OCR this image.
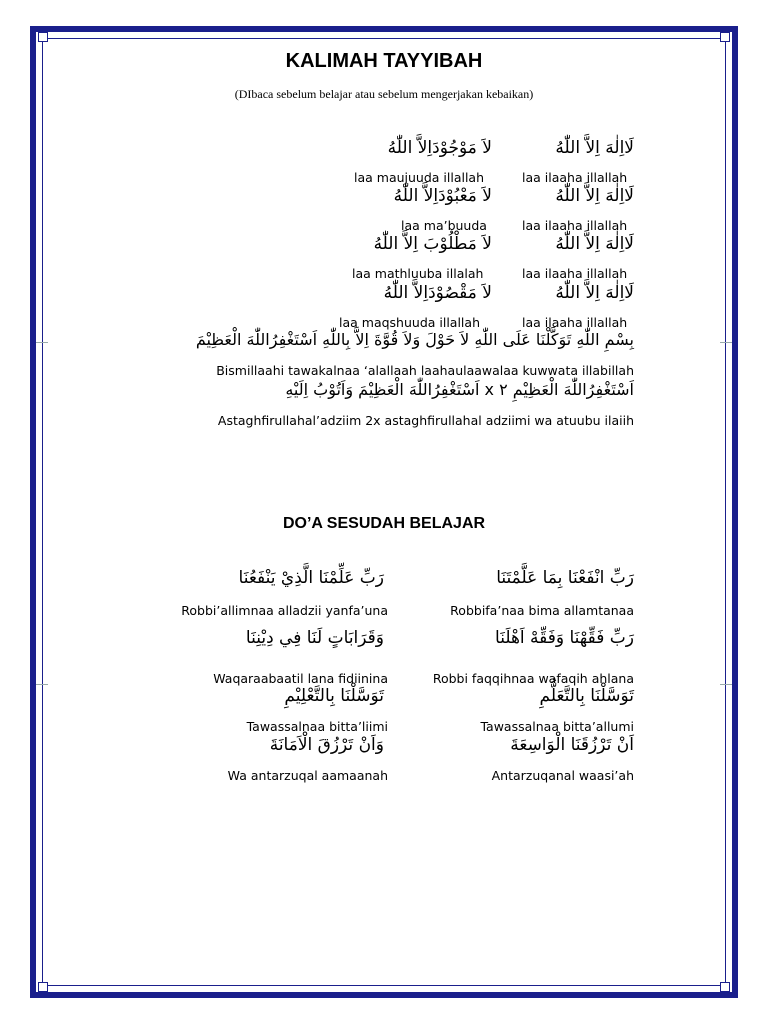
KALIMAH TAYYIBAH
(DIbaca sebelum belajar atau sebelum mengerjakan kebaikan)
لاَ مَوْجُوْدَاِلاَّ اللّٰهُ	لَااِلٰهَ اِلاَّ اللّٰهُ
laa maujuuda illallah	laa ilaaha illallah
لاَ مَعْبُوْدَاِلاَّ اللّٰهُ	لَااِلٰهَ اِلاَّ اللّٰهُ
laa ma’buuda	laa ilaaha illallah
لاَ مَطْلُوْبَ اِلاَّ اللّٰهُ	لَااِلٰهَ اِلاَّ اللّٰهُ
laa mathluuba illalah	laa ilaaha illallah
لاَ مَقْصُوْدَاِلاَّ اللّٰهُ	لَااِلٰهَ اِلاَّ اللّٰهُ
laa maqshuuda illallah	laa ilaaha illallah
بِسْمِ اللّٰهِ تَوَكَّلْنَا عَلَى اللّٰهِ لاَ حَوْلَ وَلاَ قُوَّةَ اِلاَّ بِاللّٰهِ اَسْتَغْفِرُاللّٰهَ الْعَظِيْمَ
Bismillaahi tawakalnaa ‘alallaah laahaulaawalaa kuwwata illabillah
اَسْتَغْفِرُاللّٰهَ الْعَظِيْمِ ٢ x اَسْتَغْفِرُاللّٰهَ الْعَظِيْمَ وَاَتُوْبُ اِلَيْهِ
Astaghfirullahal’adziim 2x astaghfirullahal adziimi wa atuubu ilaiih
DO’A SESUDAH BELAJAR
رَبِّ عَلِّمْنَا الَّذِيْ يَنْفَعُنَا	رَبِّ انْفَعْنَا بِمَا عَلَّمْتَنَا
Robbi’allimnaa alladzii yanfa’una	Robbifa’naa bima allamtanaa
وَقَرَابَاتٍ لَنَا فِي دِيْنِنَا	رَبِّ فَقِّهْنَا وَفَقِّهْ اَهْلَنَا
Waqaraabaatil lana fidiinina	Robbi faqqihnaa wafaqih ahlana
تَوَسَّلْنَا بِالتَّعْلِيْمِ	تَوَسَّلْنَا بِالتَّعَلُّمِ
Tawassalnaa bitta’liimi	Tawassalnaa bitta’allumi
وَاَنْ تَرْزُقَ الْاَمَانَةَ	اَنْ تَرْزُقَنَا الْوَاسِعَةَ
Wa antarzuqal aamaanah	Antarzuqanal waasi’ah
